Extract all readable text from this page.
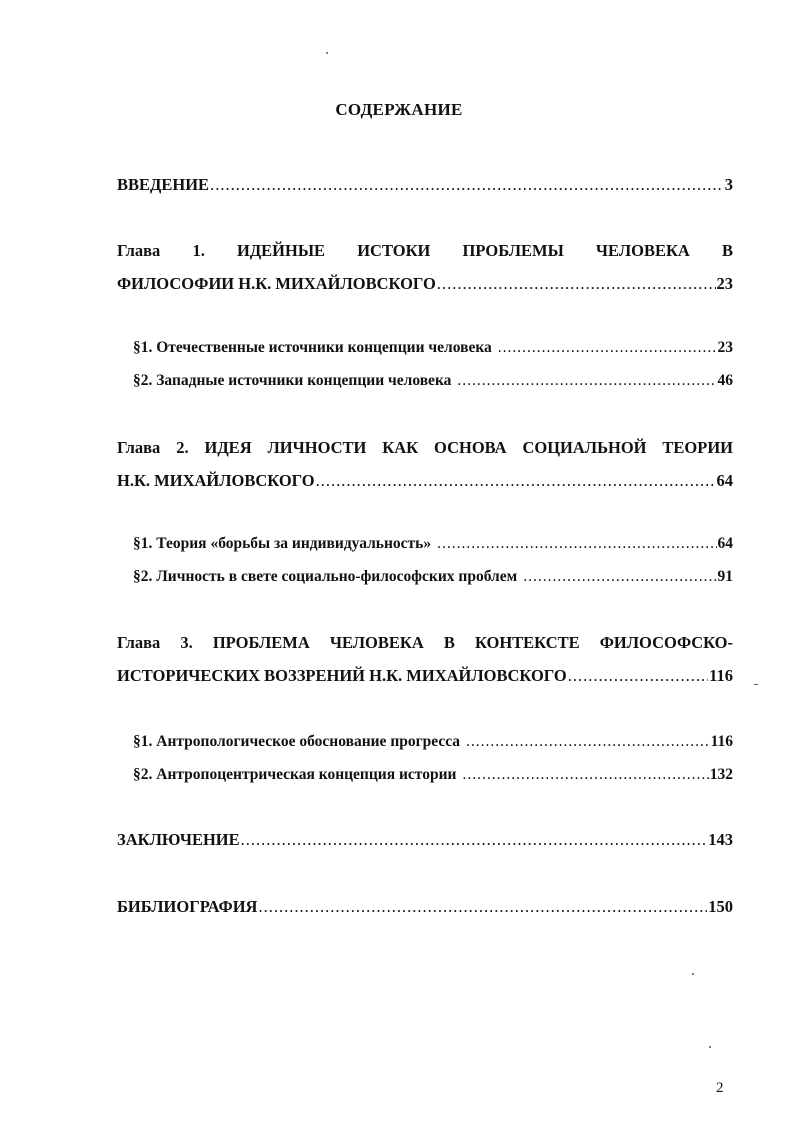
СОДЕРЖАНИЕ
ВВЕДЕНИЕ .....	3
Глава 1. ИДЕЙНЫЕ ИСТОКИ ПРОБЛЕМЫ ЧЕЛОВЕКА В
ФИЛОСОФИИ Н.К. МИХАЙЛОВСКОГО .....	23
§1. Отечественные источники концепции человека .....	23
§2. Западные источники концепции человека .....	46
Глава 2. ИДЕЯ ЛИЧНОСТИ КАК ОСНОВА СОЦИАЛЬНОЙ ТЕОРИИ
Н.К. МИХАЙЛОВСКОГО .....	64
§1. Теория «борьбы за индивидуальность» .....	64
§2. Личность в свете социально-философских проблем .....	91
Глава 3. ПРОБЛЕМА ЧЕЛОВЕКА В КОНТЕКСТЕ ФИЛОСОФСКО-
ИСТОРИЧЕСКИХ ВОЗЗРЕНИЙ Н.К. МИХАЙЛОВСКОГО .....	116
§1. Антропологическое обоснование прогресса .....	116
§2. Антропоцентрическая концепция истории .....	132
ЗАКЛЮЧЕНИЕ .....	143
БИБЛИОГРАФИЯ .....	150
2
